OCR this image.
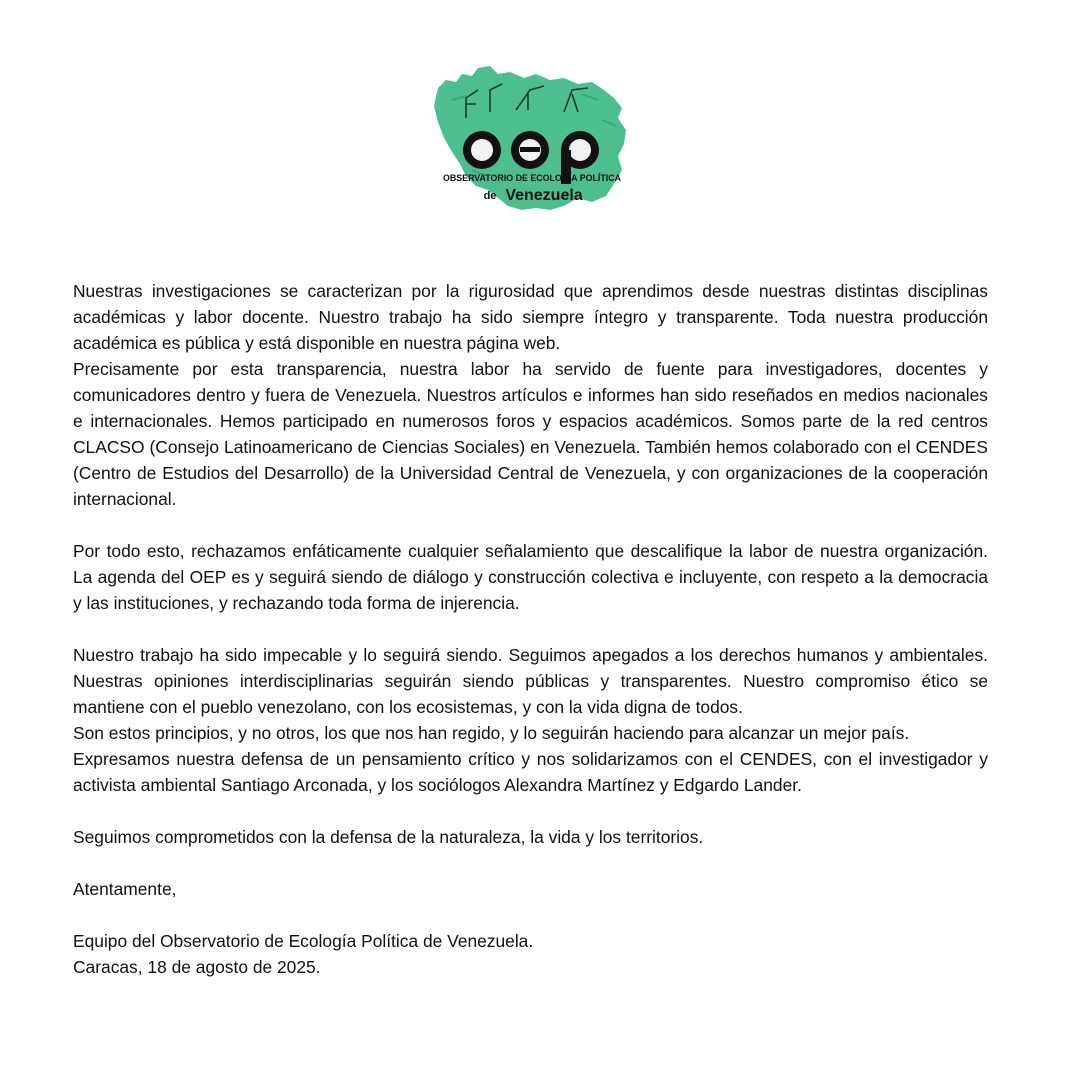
OBSERVATORIO DE ECOLOGÍA POLÍTICA
de Venezuela

Nuestras investigaciones se caracterizan por la rigurosidad que aprendimos desde nuestras distintas disciplinas académicas y labor docente. Nuestro trabajo ha sido siempre íntegro y transparente. Toda nuestra producción académica es pública y está disponible en nuestra página web.

Precisamente por esta transparencia, nuestra labor ha servido de fuente para investigadores, docentes y comunicadores dentro y fuera de Venezuela. Nuestros artículos e informes han sido reseñados en medios nacionales e internacionales. Hemos participado en numerosos foros y espacios académicos. Somos parte de la red centros CLACSO (Consejo Latinoamericano de Ciencias Sociales) en Venezuela. También hemos colaborado con el CENDES (Centro de Estudios del Desarrollo) de la Universidad Central de Venezuela, y con organizaciones de la cooperación internacional.

Por todo esto, rechazamos enfáticamente cualquier señalamiento que descalifique la labor de nuestra organización. La agenda del OEP es y seguirá siendo de diálogo y construcción colectiva e incluyente, con respeto a la democracia y las instituciones, y rechazando toda forma de injerencia.

Nuestro trabajo ha sido impecable y lo seguirá siendo. Seguimos apegados a los derechos humanos y ambientales. Nuestras opiniones interdisciplinarias seguirán siendo públicas y transparentes. Nuestro compromiso ético se mantiene con el pueblo venezolano, con los ecosistemas, y con la vida digna de todos.

Son estos principios, y no otros, los que nos han regido, y lo seguirán haciendo para alcanzar un mejor país.

Expresamos nuestra defensa de un pensamiento crítico y nos solidarizamos con el CENDES, con el investigador y activista ambiental Santiago Arconada, y los sociólogos Alexandra Martínez y Edgardo Lander.

Seguimos comprometidos con la defensa de la naturaleza, la vida y los territorios.

Atentamente,

Equipo del Observatorio de Ecología Política de Venezuela.

Caracas, 18 de agosto de 2025.
